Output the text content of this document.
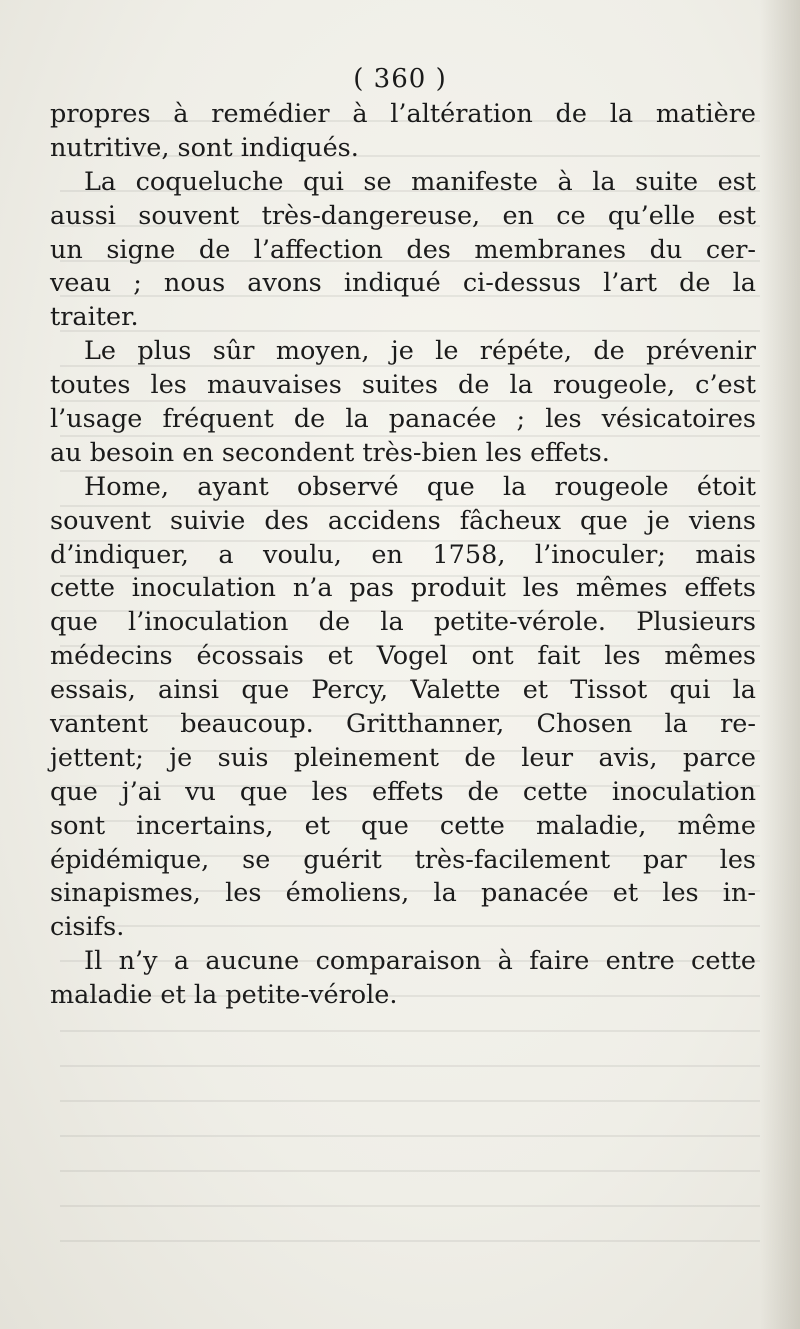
( 360 )
propres à remédier à l’altération de la matière
nutritive, sont indiqués.
La coqueluche qui se manifeste à la suite est
aussi souvent très-dangereuse, en ce qu’elle est
un signe de l’affection des membranes du cer-
veau ; nous avons indiqué ci-dessus l’art de la
traiter.
Le plus sûr moyen, je le répéte, de prévenir
toutes les mauvaises suites de la rougeole, c’est
l’usage fréquent de la panacée ; les vésicatoires
au besoin en secondent très-bien les effets.
Home, ayant observé que la rougeole étoit
souvent suivie des accidens fâcheux que je viens
d’indiquer, a voulu, en 1758, l’inoculer; mais
cette inoculation n’a pas produit les mêmes effets
que l’inoculation de la petite-vérole. Plusieurs
médecins écossais et Vogel ont fait les mêmes
essais, ainsi que Percy, Valette et Tissot qui la
vantent beaucoup. Gritthanner, Chosen la re-
jettent; je suis pleinement de leur avis, parce
que j’ai vu que les effets de cette inoculation
sont incertains, et que cette maladie, même
épidémique, se guérit très-facilement par les
sinapismes, les émoliens, la panacée et les in-
cisifs.
Il n’y a aucune comparaison à faire entre cette
maladie et la petite-vérole.
